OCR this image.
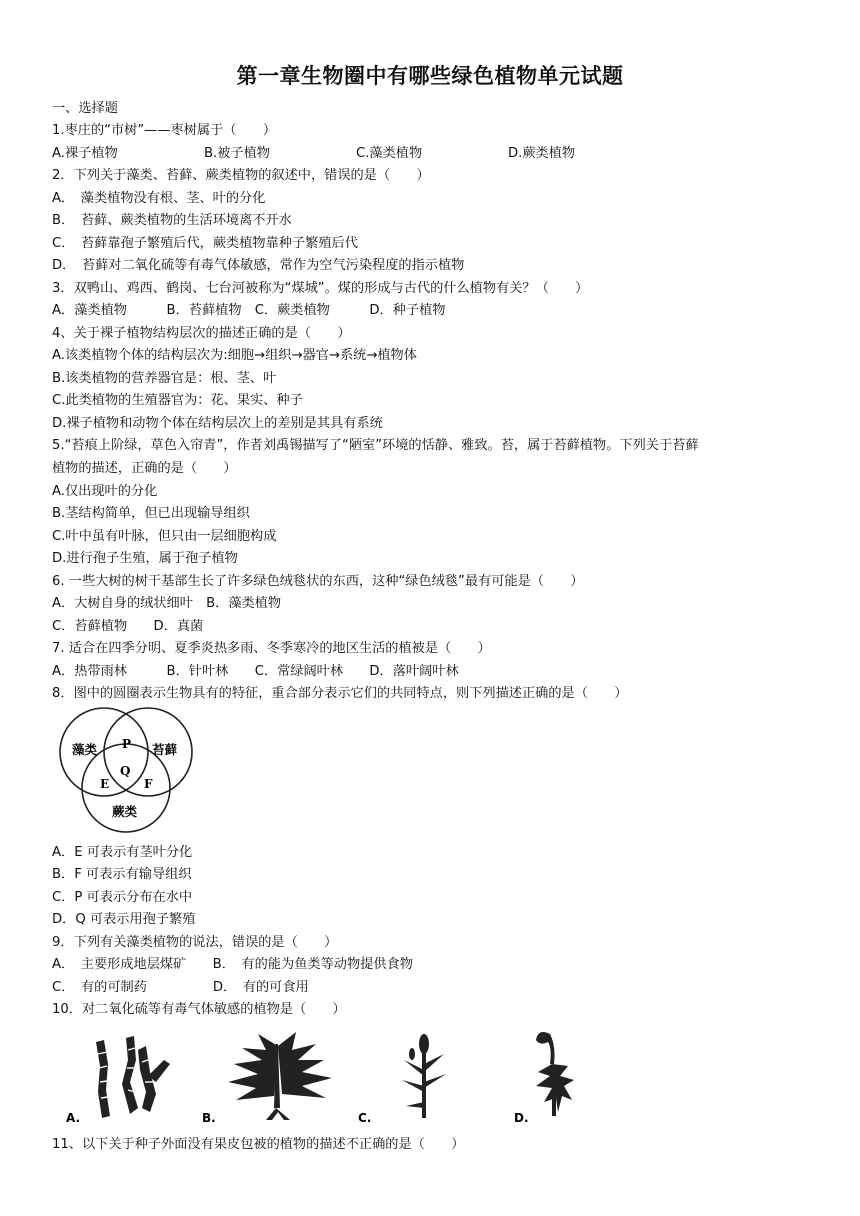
第一章生物圈中有哪些绿色植物单元试题
一、选择题
1.枣庄的“市树”——枣树属于（　　）
A.裸子植物	B.被子植物	C.藻类植物	D.蕨类植物
2．下列关于藻类、苔藓、蕨类植物的叙述中，错误的是（　　）
A．　藻类植物没有根、茎、叶的分化
B．　苔藓、蕨类植物的生活环境离不开水
C．　苔藓靠孢子繁殖后代，蕨类植物靠种子繁殖后代
D．　苔藓对二氧化硫等有毒气体敏感，常作为空气污染程度的指示植物
3．双鸭山、鸡西、鹤岗、七台河被称为“煤城”。煤的形成与古代的什么植物有关？（　　）
A．藻类植物　　　B．苔藓植物　C．蕨类植物　　　D．种子植物
4、关于裸子植物结构层次的描述正确的是（　　）
A.该类植物个体的结构层次为:细胞→组织→器官→系统→植物体
B.该类植物的营养器官是：根、茎、叶
C.此类植物的生殖器官为：花、果实、种子
D.裸子植物和动物个体在结构层次上的差别是其具有系统
5.“苔痕上阶绿，草色入帘青”，作者刘禹锡描写了“陋室”环境的恬静、雅致。苔，属于苔藓植物。下列关于苔藓
植物的描述，正确的是（　　）
A.仅出现叶的分化
B.茎结构简单，但已出现输导组织
C.叶中虽有叶脉，但只由一层细胞构成
D.进行孢子生殖，属于孢子植物
6. 一些大树的树干基部生长了许多绿色绒毯状的东西，这种“绿色绒毯”最有可能是（　　）
A．大树自身的绒状细叶　B．藻类植物
C．苔藓植物　　D．真菌
7. 适合在四季分明、夏季炎热多雨、冬季寒冷的地区生活的植被是（　　）
A．热带雨林　　　B．针叶林　　C．常绿阔叶林　　D．落叶阔叶林
8．图中的圆圈表示生物具有的特征，重合部分表示它们的共同特点，则下列描述正确的是（　　）
藻类	苔藓
蕨类
P
Q
E	F
A．E 可表示有茎叶分化
B．F 可表示有输导组织
C．P 可表示分布在水中
D．Q 可表示用孢子繁殖
9．下列有关藻类植物的说法，错误的是（　　）
A．　主要形成地层煤矿　　B．　有的能为鱼类等动物提供食物
C．　有的可制药　　　　　D．　有的可食用
10．对二氧化硫等有毒气体敏感的植物是（　　）
A.	B.	C.	D.
11、以下关于种子外面没有果皮包被的植物的描述不正确的是（　　）
